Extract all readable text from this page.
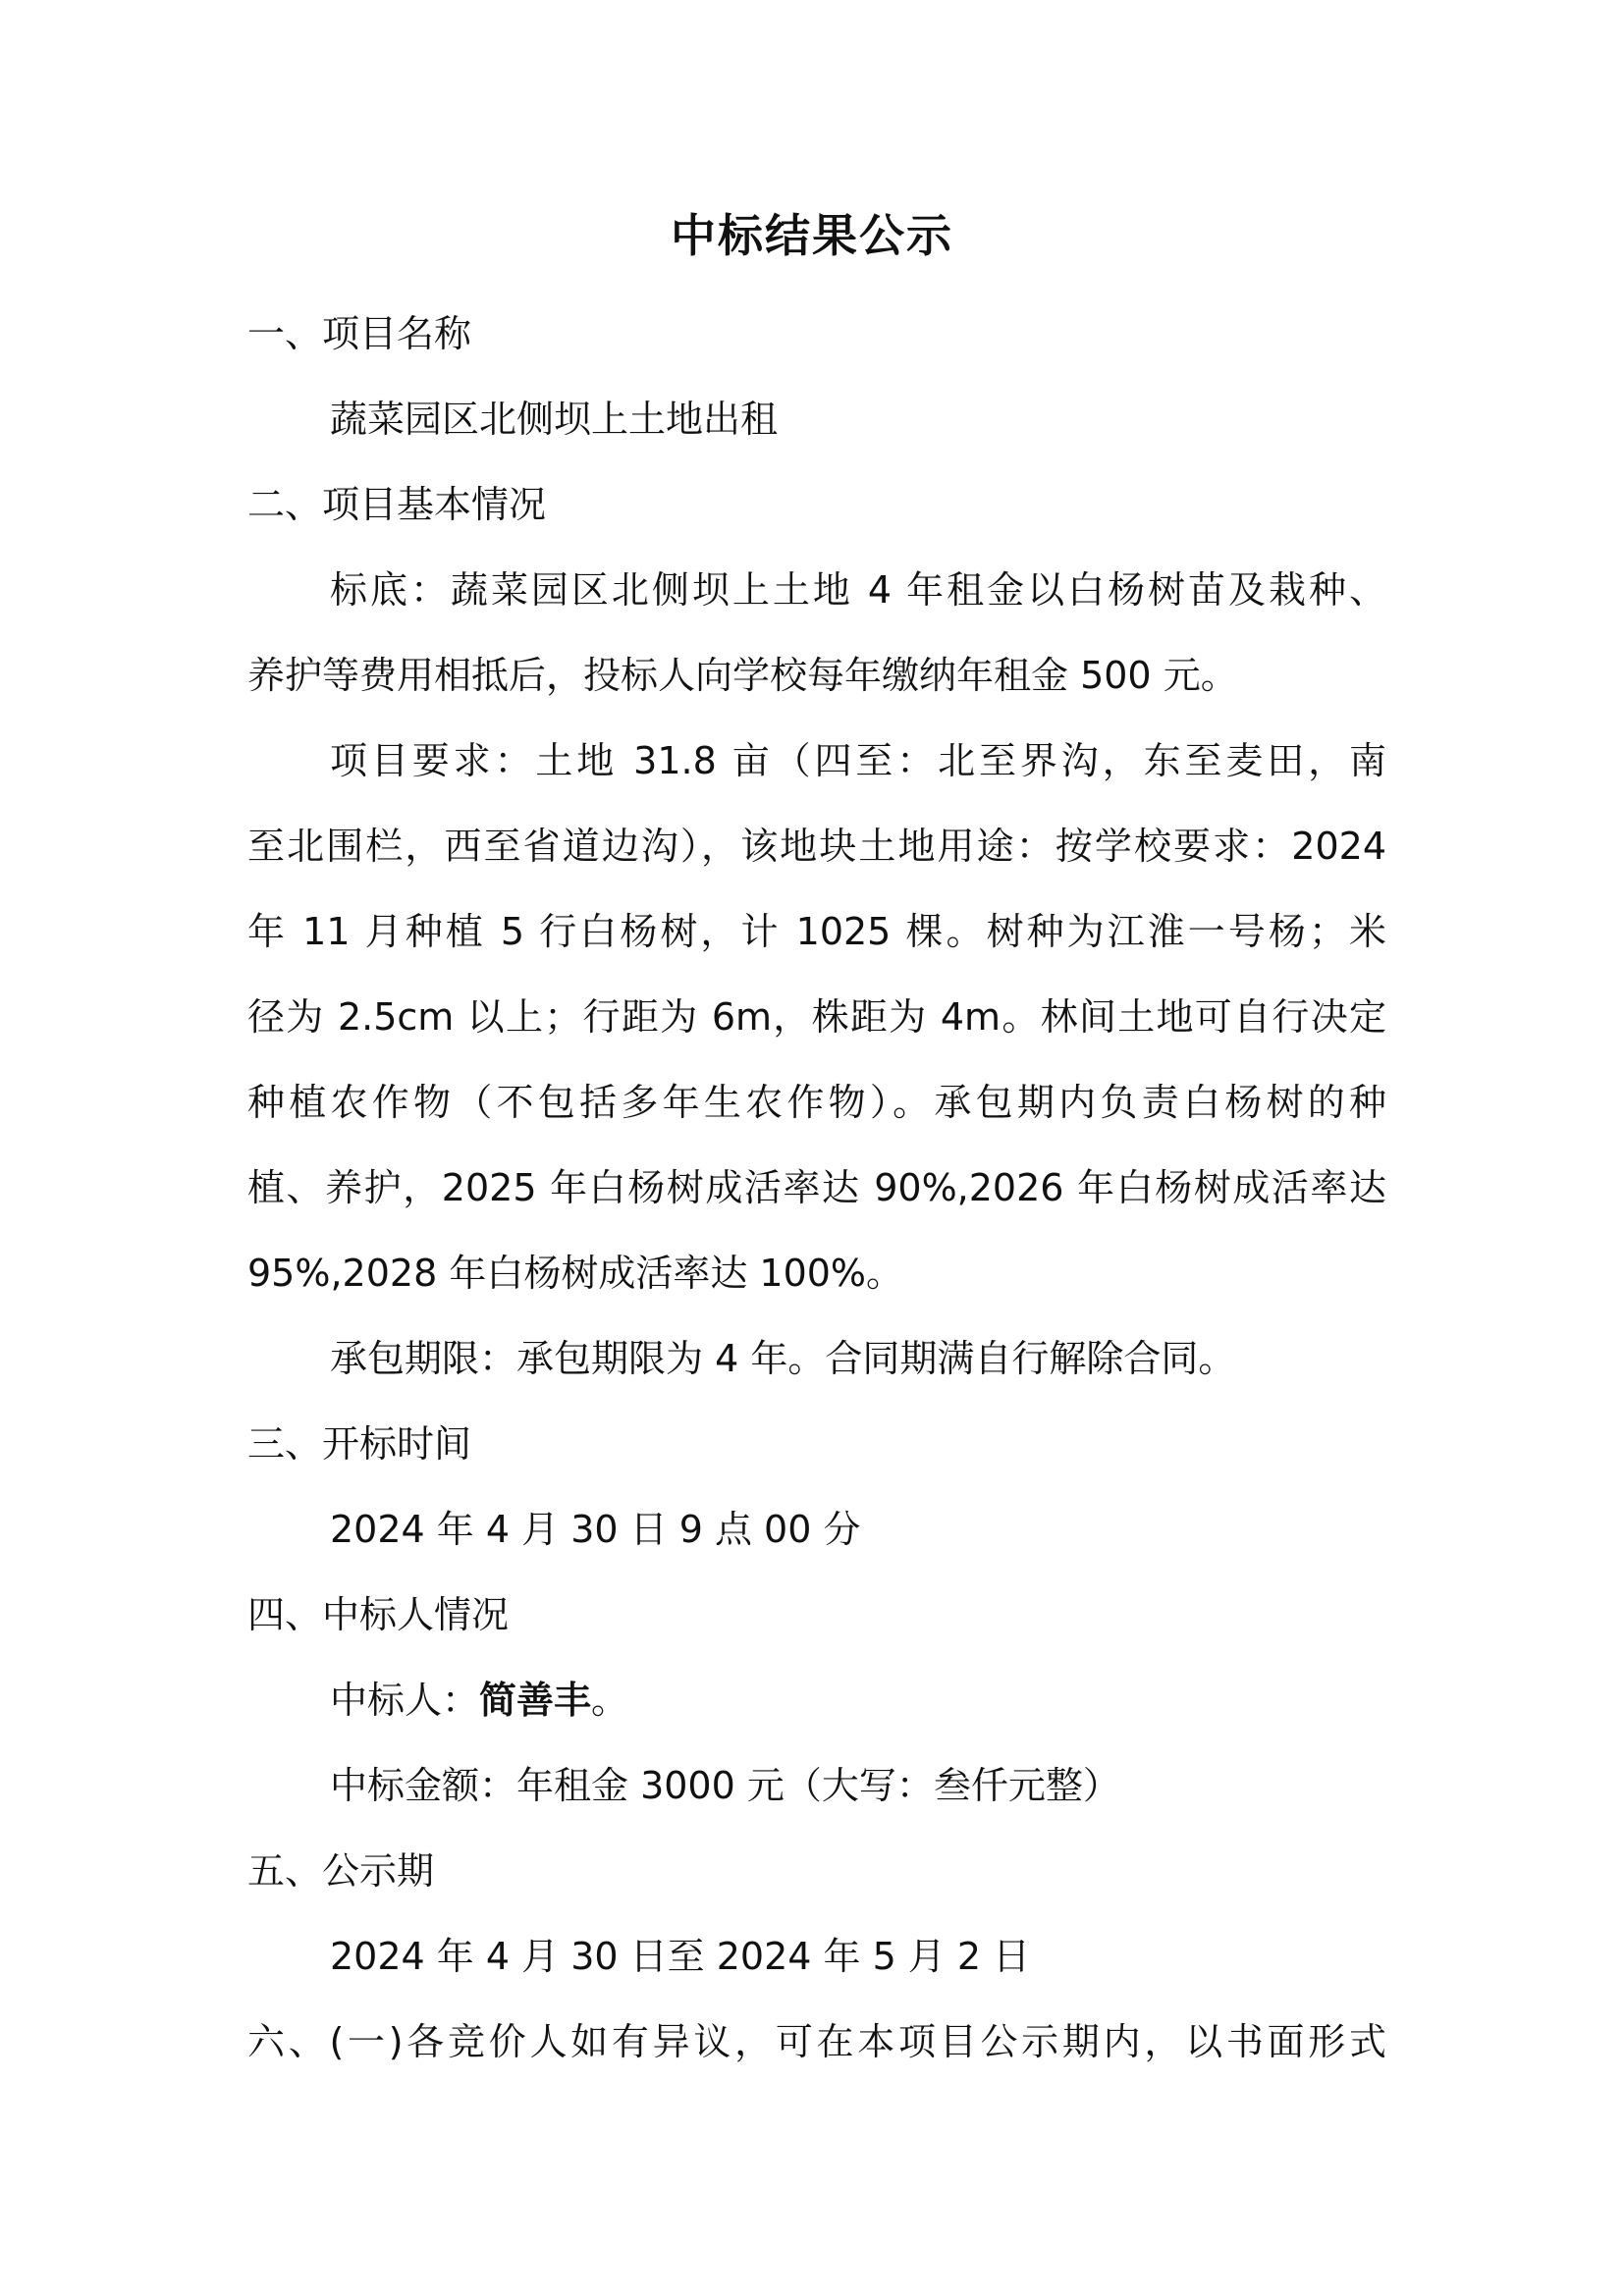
中标结果公示
一、项目名称
蔬菜园区北侧坝上土地出租
二、项目基本情况
标底：蔬菜园区北侧坝上土地 4 年租金以白杨树苗及栽种、
养护等费用相抵后，投标人向学校每年缴纳年租金 500 元。
项目要求：土地 31.8 亩（四至：北至界沟，东至麦田，南
至北围栏，西至省道边沟），该地块土地用途：按学校要求：2024
年 11 月种植 5 行白杨树，计 1025 棵。树种为江淮一号杨；米
径为 2.5cm 以上；行距为 6m，株距为 4m。林间土地可自行决定
种植农作物（不包括多年生农作物）。承包期内负责白杨树的种
植、养护，2025 年白杨树成活率达 90%,2026 年白杨树成活率达
95%,2028 年白杨树成活率达 100%。
承包期限：承包期限为 4 年。合同期满自行解除合同。
三、开标时间
2024 年 4 月 30 日 9 点 00 分
四、中标人情况
中标人：简善丰。
中标金额：年租金 3000 元（大写：叁仟元整）
五、公示期
2024 年 4 月 30 日至 2024 年 5 月 2 日
六、(一)各竞价人如有异议，可在本项目公示期内，以书面形式
